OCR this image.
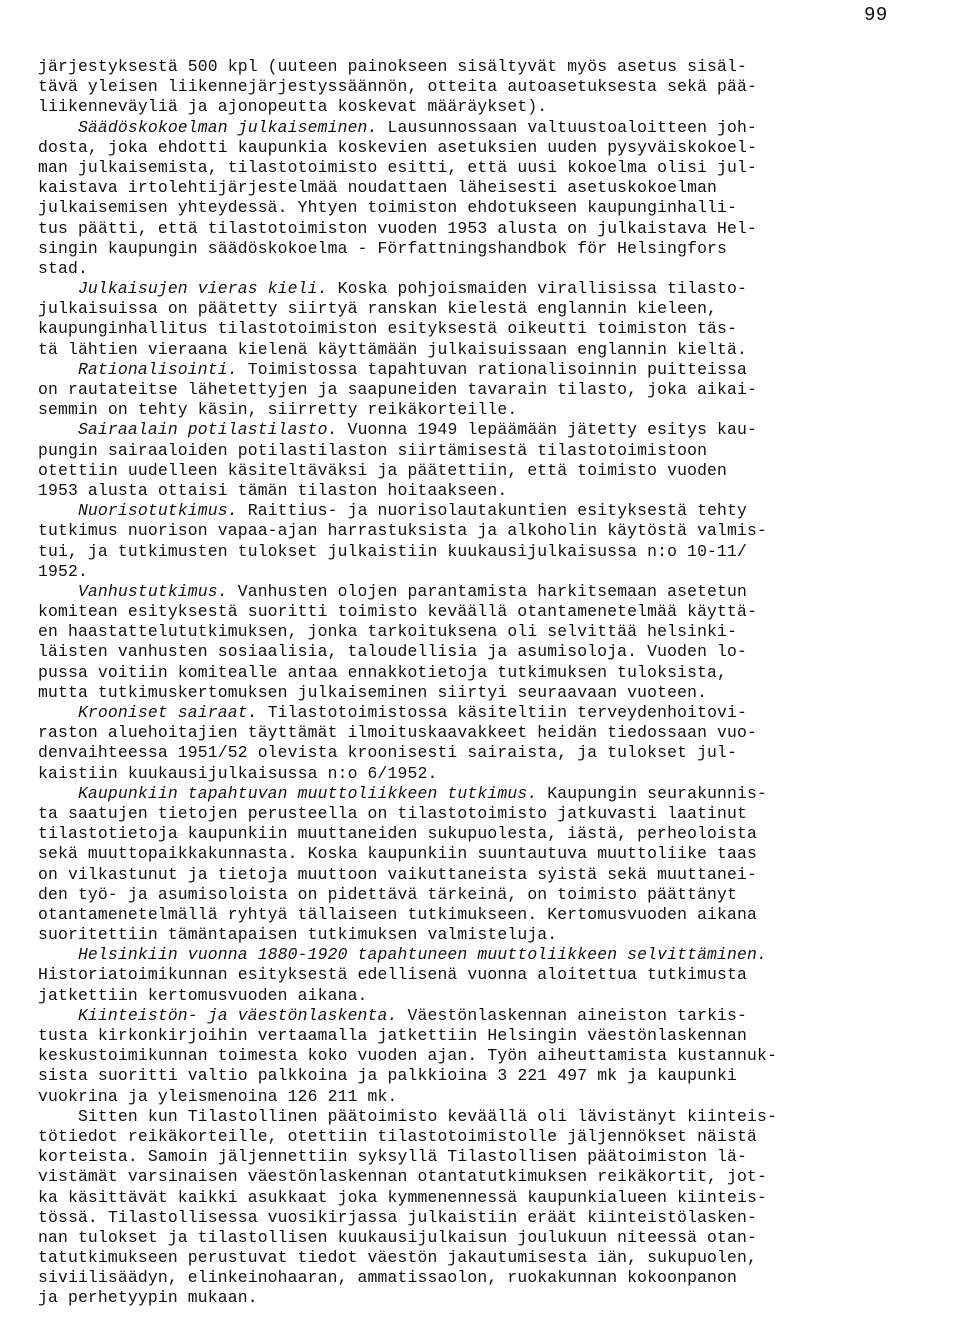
99
järjestyksestä 500 kpl (uuteen painokseen sisältyvät myös asetus sisäl-
tävä yleisen liikennejärjestyssäännön, otteita autoasetuksesta sekä pää-
liikenneväyliä ja ajonopeutta koskevat määräykset).
Säädöskokoelman julkaiseminen. Lausunnossaan valtuustoaloitteen joh-
dosta, joka ehdotti kaupunkia koskevien asetuksien uuden pysyväiskokoel-
man julkaisemista, tilastotoimisto esitti, että uusi kokoelma olisi jul-
kaistava irtolehtijärjestelmää noudattaen läheisesti asetuskokoelman
julkaisemisen yhteydessä. Yhtyen toimiston ehdotukseen kaupunginhalli-
tus päätti, että tilastotoimiston vuoden 1953 alusta on julkaistava Hel-
singin kaupungin säädöskokoelma - Författningshandbok för Helsingfors
stad.
Julkaisujen vieras kieli. Koska pohjoismaiden virallisissa tilasto-
julkaisuissa on päätetty siirtyä ranskan kielestä englannin kieleen,
kaupunginhallitus tilastotoimiston esityksestä oikeutti toimiston täs-
tä lähtien vieraana kielenä käyttämään julkaisuissaan englannin kieltä.
Rationalisointi. Toimistossa tapahtuvan rationalisoinnin puitteissa
on rautateitse lähetettyjen ja saapuneiden tavarain tilasto, joka aikai-
semmin on tehty käsin, siirretty reikäkorteille.
Sairaalain potilastilasto. Vuonna 1949 lepäämään jätetty esitys kau-
pungin sairaaloiden potilastilaston siirtämisestä tilastotoimistoon
otettiin uudelleen käsiteltäväksi ja päätettiin, että toimisto vuoden
1953 alusta ottaisi tämän tilaston hoitaakseen.
Nuorisotutkimus. Raittius- ja nuorisolautakuntien esityksestä tehty
tutkimus nuorison vapaa-ajan harrastuksista ja alkoholin käytöstä valmis-
tui, ja tutkimusten tulokset julkaistiin kuukausijulkaisussa n:o 10-11/
1952.
Vanhustutkimus. Vanhusten olojen parantamista harkitsemaan asetetun
komitean esityksestä suoritti toimisto keväällä otantamenetelmää käyttä-
en haastattelututkimuksen, jonka tarkoituksena oli selvittää helsinki-
läisten vanhusten sosiaalisia, taloudellisia ja asumisoloja. Vuoden lo-
pussa voitiin komitealle antaa ennakkotietoja tutkimuksen tuloksista,
mutta tutkimuskertomuksen julkaiseminen siirtyi seuraavaan vuoteen.
Krooniset sairaat. Tilastotoimistossa käsiteltiin terveydenhoitovi-
raston aluehoitajien täyttämät ilmoituskaavakkeet heidän tiedossaan vuo-
denvaihteessa 1951/52 olevista kroonisesti sairaista, ja tulokset jul-
kaistiin kuukausijulkaisussa n:o 6/1952.
Kaupunkiin tapahtuvan muuttoliikkeen tutkimus. Kaupungin seurakunnis-
ta saatujen tietojen perusteella on tilastotoimisto jatkuvasti laatinut
tilastotietoja kaupunkiin muuttaneiden sukupuolesta, iästä, perheoloista
sekä muuttopaikkakunnasta. Koska kaupunkiin suuntautuva muuttoliike taas
on vilkastunut ja tietoja muuttoon vaikuttaneista syistä sekä muuttanei-
den työ- ja asumisoloista on pidettävä tärkeinä, on toimisto päättänyt
otantamenetelmällä ryhtyä tällaiseen tutkimukseen. Kertomusvuoden aikana
suoritettiin tämäntapaisen tutkimuksen valmisteluja.
Helsinkiin vuonna 1880-1920 tapahtuneen muuttoliikkeen selvittäminen.
Historiatoimikunnan esityksestä edellisenä vuonna aloitettua tutkimusta
jatkettiin kertomusvuoden aikana.
Kiinteistön- ja väestönlaskenta. Väestönlaskennan aineiston tarkis-
tusta kirkonkirjoihin vertaamalla jatkettiin Helsingin väestönlaskennan
keskustoimikunnan toimesta koko vuoden ajan. Työn aiheuttamista kustannuk-
sista suoritti valtio palkkoina ja palkkioina 3 221 497 mk ja kaupunki
vuokrina ja yleismenoina 126 211 mk.
Sitten kun Tilastollinen päätoimisto keväällä oli lävistänyt kiinteis-
tötiedot reikäkorteille, otettiin tilastotoimistolle jäljennökset näistä
korteista. Samoin jäljennettiin syksyllä Tilastollisen päätoimiston lä-
vistämät varsinaisen väestönlaskennan otantatutkimuksen reikäkortit, jot-
ka käsittävät kaikki asukkaat joka kymmenennessä kaupunkialueen kiinteis-
tössä. Tilastollisessa vuosikirjassa julkaistiin eräät kiinteistölasken-
nan tulokset ja tilastollisen kuukausijulkaisun joulukuun niteessä otan-
tatutkimukseen perustuvat tiedot väestön jakautumisesta iän, sukupuolen,
siviilisäädyn, elinkeinohaaran, ammatissaolon, ruokakunnan kokoonpanon
ja perhetyypin mukaan.
